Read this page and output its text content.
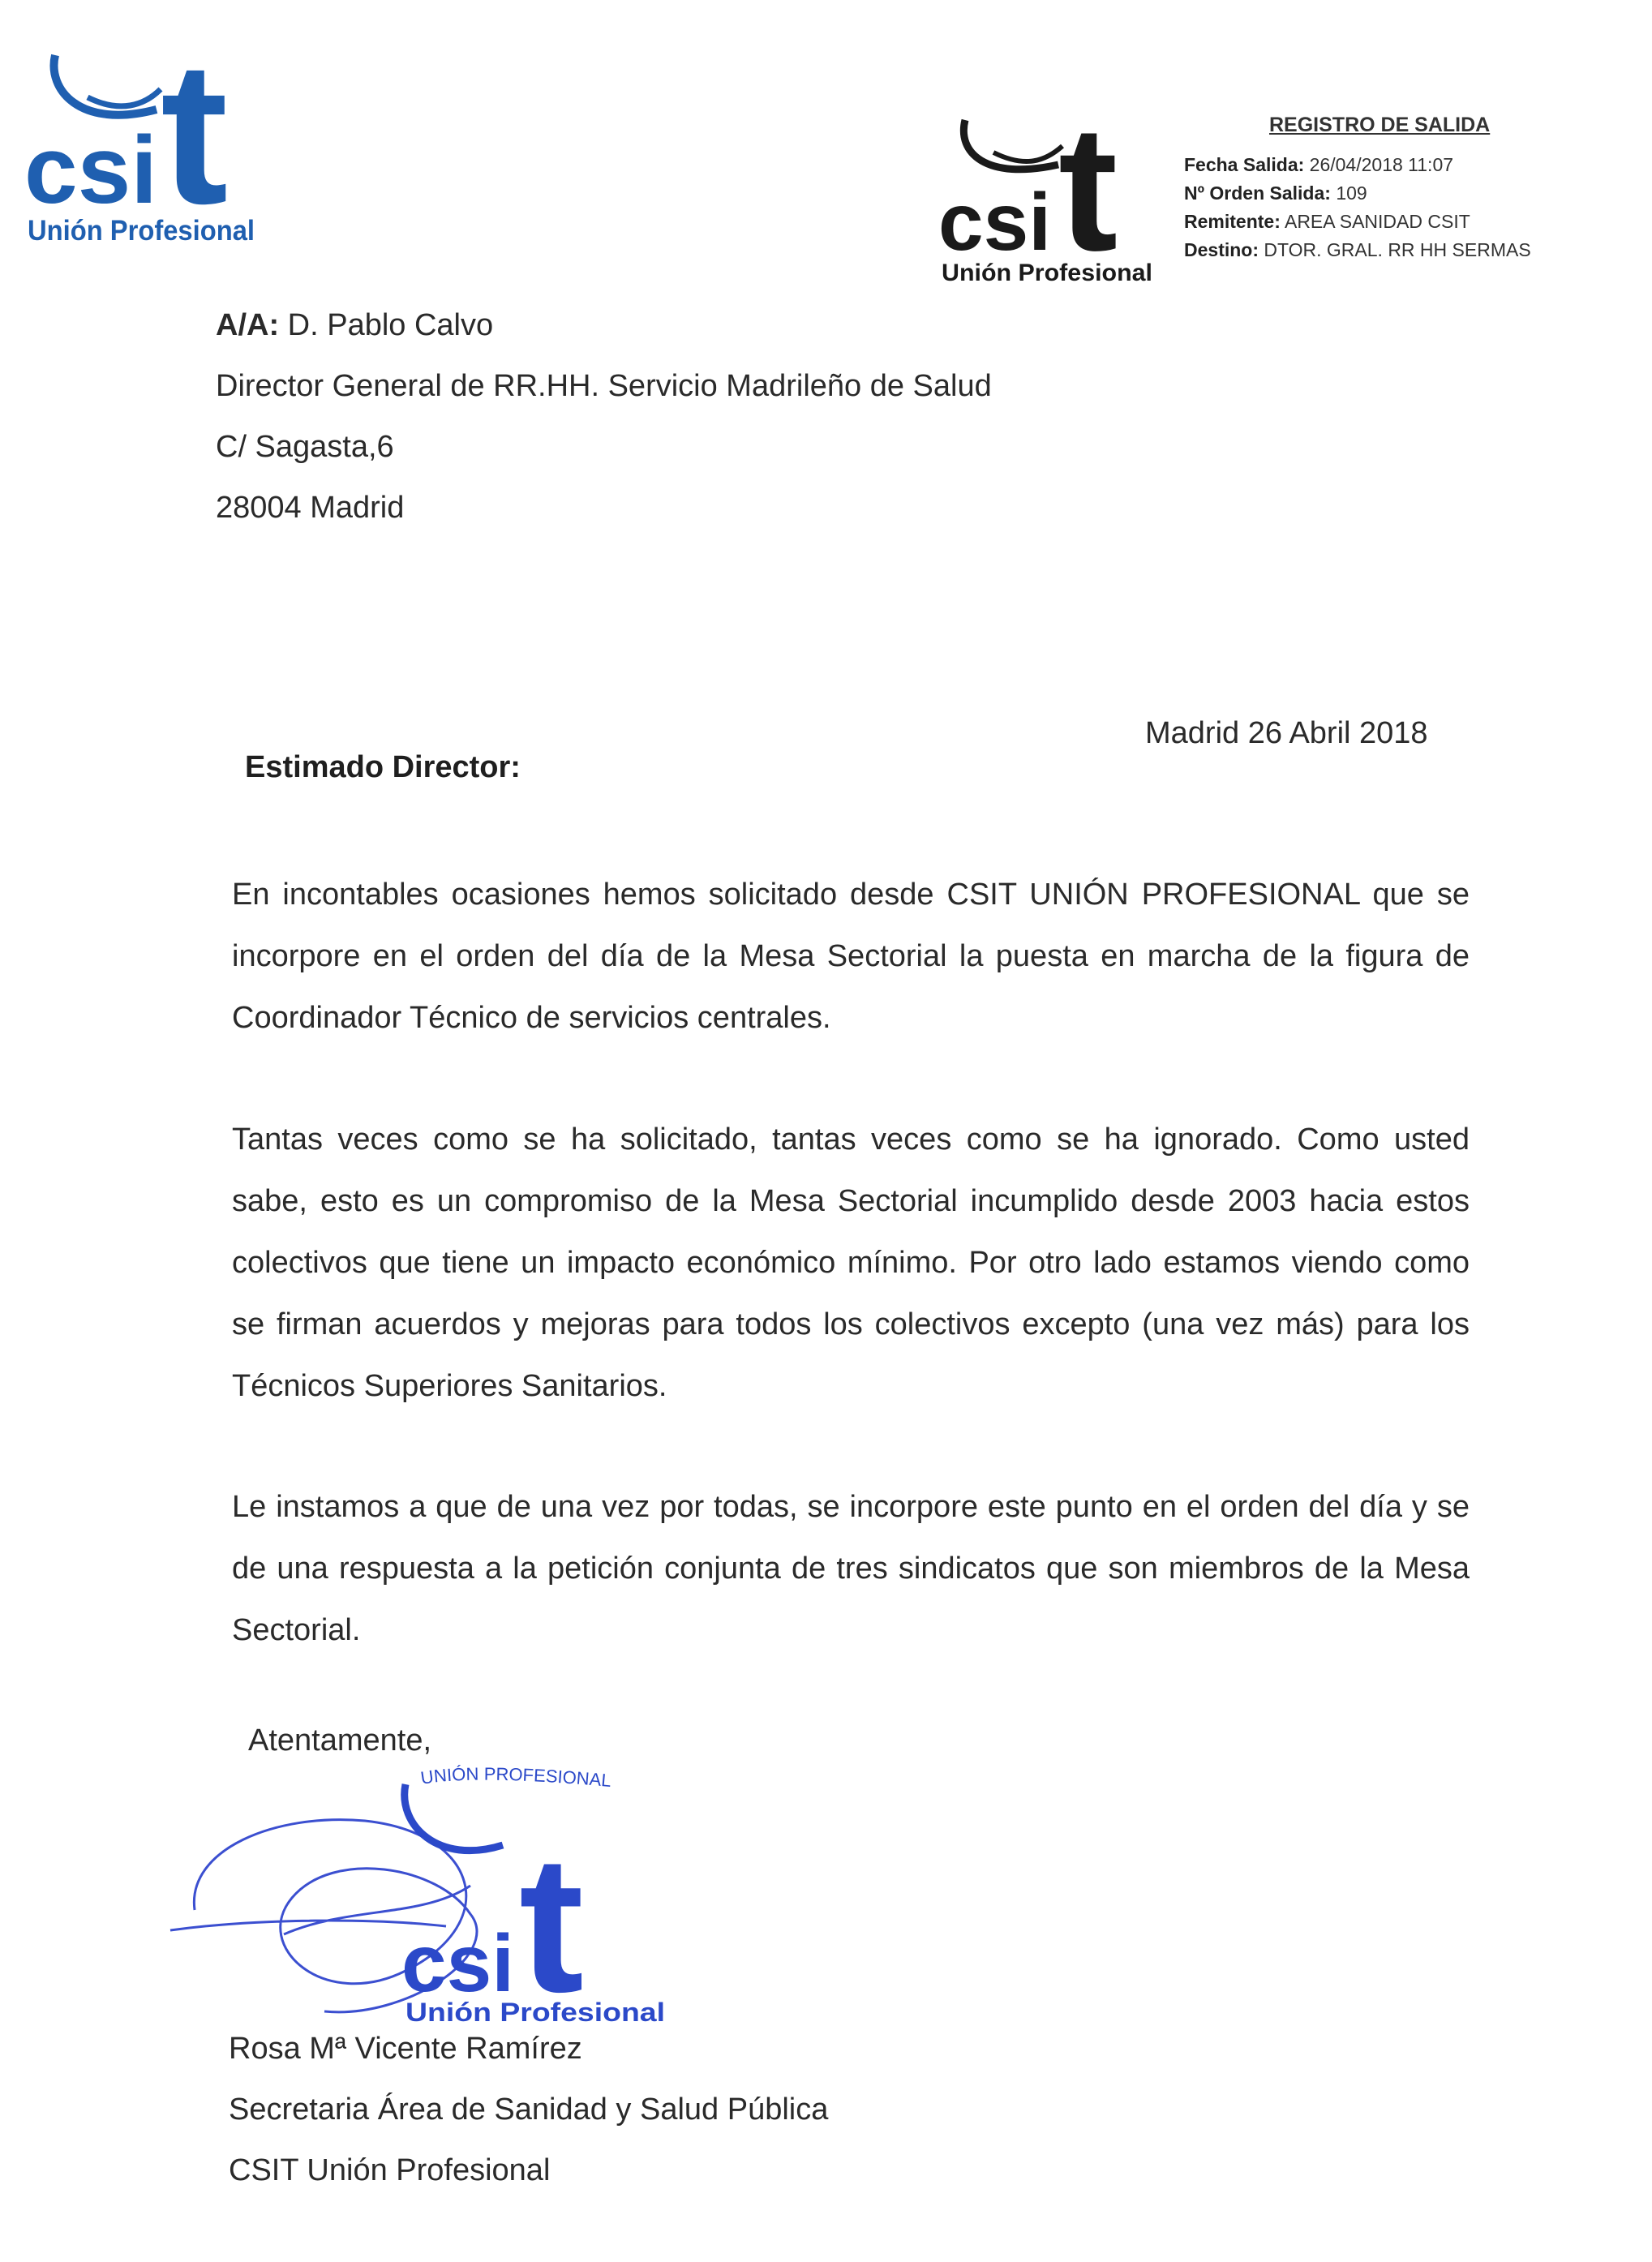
csi t
Unión Profesional	csi t
Unión Profesional
REGISTRO DE SALIDA
Fecha Salida: 26/04/2018 11:07
Nº Orden Salida: 109
Remitente: AREA SANIDAD CSIT
Destino: DTOR. GRAL. RR HH SERMAS
A/A: D. Pablo Calvo
Director General de RR.HH. Servicio Madrileño de Salud
C/ Sagasta,6
28004 Madrid
Madrid 26 Abril 2018
Estimado Director:
En incontables ocasiones hemos solicitado desde CSIT UNIÓN PROFESIONAL que se incorpore en el orden del día de la Mesa Sectorial la puesta en marcha de la figura de Coordinador Técnico de servicios centrales.
Tantas veces como se ha solicitado, tantas veces como se ha ignorado. Como usted sabe, esto es un compromiso de la Mesa Sectorial incumplido desde 2003 hacia estos colectivos que tiene un impacto económico mínimo. Por otro lado estamos viendo como se firman acuerdos y mejoras para todos los colectivos excepto (una vez más) para los Técnicos Superiores Sanitarios.
Le instamos a que de una vez por todas, se incorpore este punto en el orden del día y se de una respuesta a la petición conjunta de tres sindicatos que son miembros de la Mesa Sectorial.
Atentamente,
UNIÓN PROFESIONAL
csi t
Unión Profesional
Rosa Mª Vicente Ramírez
Secretaria Área de Sanidad y Salud Pública
CSIT Unión Profesional
